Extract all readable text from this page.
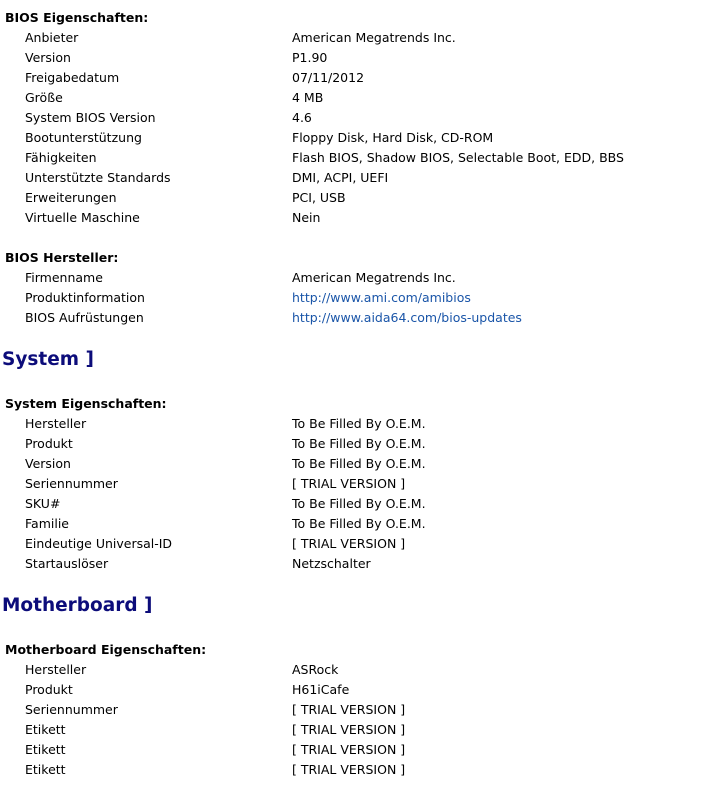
BIOS Eigenschaften:
Anbieter	American Megatrends Inc.
Version	P1.90
Freigabedatum	07/11/2012
Größe	4 MB
System BIOS Version	4.6
Bootunterstützung	Floppy Disk, Hard Disk, CD-ROM
Fähigkeiten	Flash BIOS, Shadow BIOS, Selectable Boot, EDD, BBS
Unterstützte Standards	DMI, ACPI, UEFI
Erweiterungen	PCI, USB
Virtuelle Maschine	Nein
BIOS Hersteller:
Firmenname	American Megatrends Inc.
Produktinformation	http://www.ami.com/amibios
BIOS Aufrüstungen	http://www.aida64.com/bios-updates
System ]
System Eigenschaften:
Hersteller	To Be Filled By O.E.M.
Produkt	To Be Filled By O.E.M.
Version	To Be Filled By O.E.M.
Seriennummer	[ TRIAL VERSION ]
SKU#	To Be Filled By O.E.M.
Familie	To Be Filled By O.E.M.
Eindeutige Universal-ID	[ TRIAL VERSION ]
Startauslöser	Netzschalter
Motherboard ]
Motherboard Eigenschaften:
Hersteller	ASRock
Produkt	H61iCafe
Seriennummer	[ TRIAL VERSION ]
Etikett	[ TRIAL VERSION ]
Etikett	[ TRIAL VERSION ]
Etikett	[ TRIAL VERSION ]
